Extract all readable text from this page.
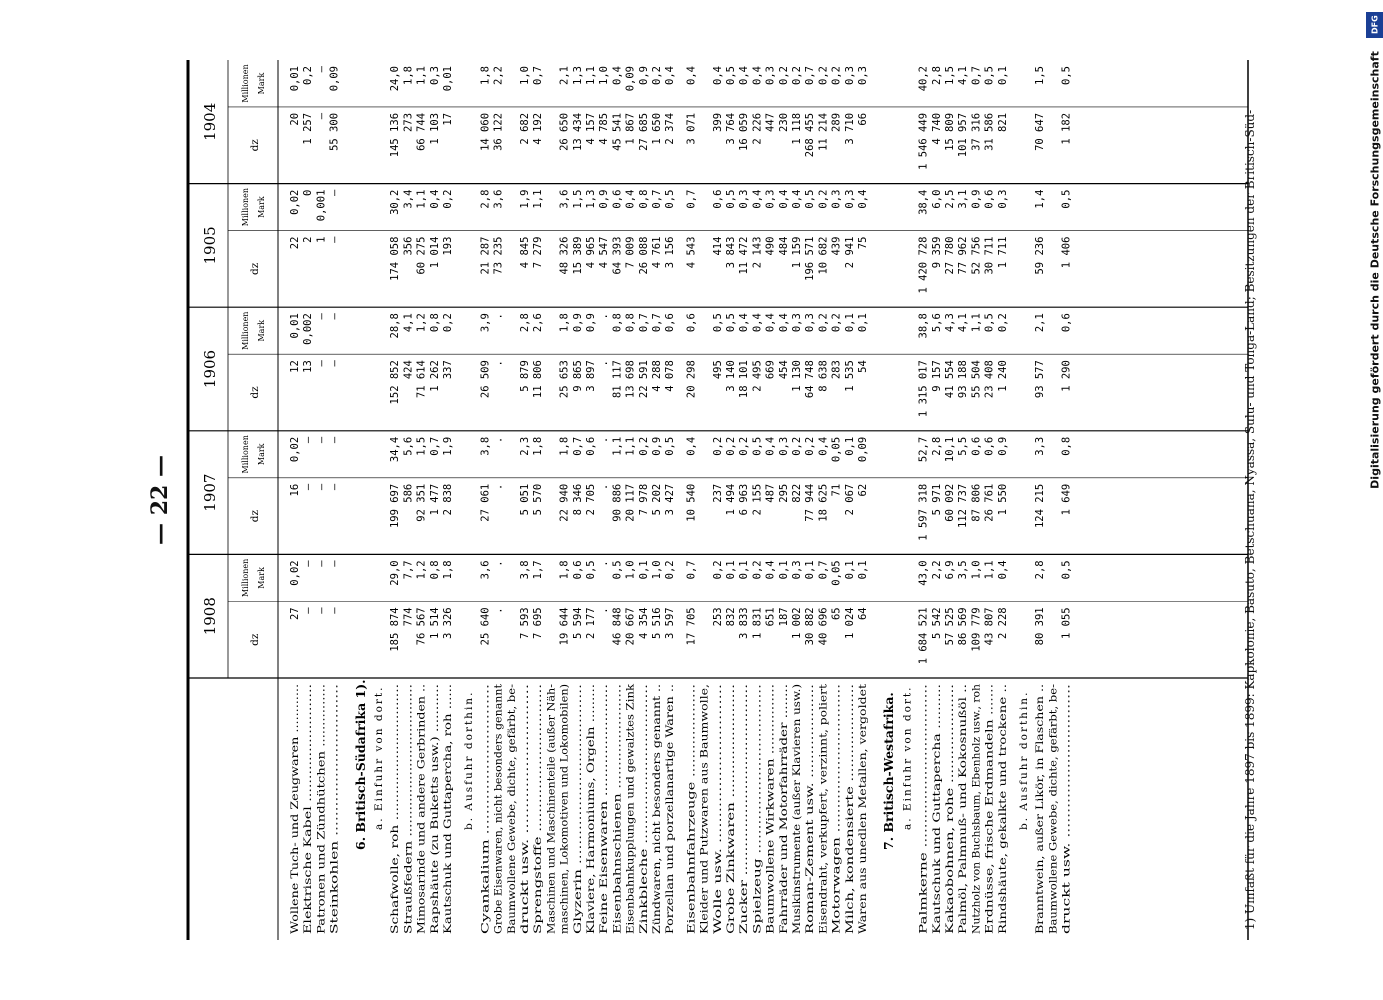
— 22 —
1908
dz
Millionen Mark
1907
dz
Millionen Mark
1906
dz
Millionen Mark
1905
dz
Millionen Mark
1904
dz
Millionen Mark
Wollene Tuch- und Zeugwaren ............
27
0,02
16
0,02
12
0,01
22
0,02
20
0,01
Elektrische Kabel ..........................
—
—
—
—
13
0,002
2
0
1 257
0,2
Patronen und Zündhütchen ...............
—
—
—
—
—
—
1
0,001
—
—
Steinkohlen ...............................
—
—
—
—
—
—
—
—
55 300
0,09
6. Britisch-Südafrika 1). a. Einfuhr von dort. Schafwolle, roh ...............................
185 874
29,0
199 697
34,4
152 852
28,8
174 058
30,2
145 136
24,0
Straußfedern ...................................
774
7,7
586
5,6
424
4,1
356
3,4
273
1,8
Mimosarinde und andere Gerbrinden ..
76 567
1,2
92 351
1,5
71 614
1,2
60 275
1,1
66 744
1,1
Rapshäute (zu Buketts usw.) ...........
1 514
0,8
1 477
0,7
1 262
0,8
1 014
0,4
1 103
0,3
Kautschuk und Guttapercha, roh ......
3 326
1,8
2 838
1,9
337
0,2
193
0,2
17
0,01
b. Ausfuhr dorthin.
Cyankalium ..............................
25 640
3,6
27 061
3,8
26 509
3,9
21 287
2,8
14 060
1,8
Grobe Eisenwaren, nicht besonders genannt
.
.
.
.
.
.
73 235
3,6
36 122
2,2
Baumwollene Gewebe, dichte, gefärbt, be- druckt usw. .............................
7 593
3,8
5 051
2,3
5 879
2,8
4 845
1,9
2 682
1,0
Sprengstoffe ...............................
7 695
1,7
5 570
1,8
11 806
2,6
7 279
1,1
4 192
0,7
Maschinen und Maschinenteile (außer Näh- maschinen, Lokomotiven und Lokomobilen)
19 644
1,8
22 940
1,8
25 653
1,8
48 326
3,6
26 650
2,1
Glyzerin .....................................
5 594
0,6
8 346
0,7
9 865
0,9
15 389
1,5
13 434
1,3
Klaviere, Harmoniums, Orgeln .........
2 177
0,5
2 705
0,6
3 897
0,9
4 965
1,3
4 157
1,1
Feine Eisenwaren ........................
.
.
.
.
.
.
4 547
0,9
4 785
1,0
Eisenbahnschienen .......................
46 848
0,5
90 886
1,1
81 117
0,8
64 393
0,6
45 541
0,4
Eisenbahnkupplungen und gewalztes Zink
20 667
1,0
20 117
1,1
13 698
0,8
7 009
0,4
1 867
0,09
Zinkbleche .................................
4 354
0,1
7 978
0,2
22 591
0,7
26 088
0,8
27 685
0,9
Zündwaren, nicht besonders genannt ..
5 516
1,0
5 202
0,9
4 288
0,7
4 761
0,7
1 650
0,2
Porzellan und porzellanartige Waren ..
3 597
0,2
3 427
0,5
4 078
0,6
3 156
0,5
2 374
0,4
Eisenbahnfahrzeuge ....................
17 705
0,7
10 540
0,4
20 298
0,6
4 543
0,7
3 071
0,4
Kleider und Putzwaren aus Baumwolle, Wolle usw. ...............................
253
0,2
237
0,2
495
0,5
414
0,6
399
0,4
Grobe Zinkwaren ........................
832
0,1
1 494
0,2
3 140
0,5
3 843
0,5
3 764
0,5
Zucker ........................................
3 833
0,1
6 963
0,2
18 101
0,4
11 472
0,3
16 059
0,4
Spielzeug ...................................
1 831
0,2
2 155
0,5
2 495
0,4
2 143
0,4
2 226
0,4
Baumwollene Wirkwaren ................
651
0,4
487
0,4
669
0,4
490
0,3
447
0,3
Fahrräder und Motorfahrräder ........
187
0,1
295
0,3
454
0,4
484
0,4
230
0,2
Musikinstrumente (außer Klavieren usw.)
1 002
0,3
822
0,2
1 130
0,3
1 159
0,4
1 118
0,2
Roman-Zement usw. ....................
30 882
0,1
77 944
0,2
64 748
0,3
196 571
0,5
268 455
0,7
Eisendraht, verkupfert, verzinnt, poliert
40 696
0,7
18 625
0,4
8 638
0,2
10 682
0,2
11 214
0,2
Motorwagen ...............................
65
0,05
71
0,05
283
0,2
439
0,3
289
0,2
Milch, kondensierte .....................
1 024
0,1
2 067
0,1
1 535
0,1
2 941
0,3
3 710
0,3
Waren aus unedlen Metallen, vergoldet
64
0,1
62
0,09
54
0,1
75
0,4
66
0,3
7. Britisch-Westafrika. a. Einfuhr von dort.
Palmkerne ..................................
1 684 521
43,0
1 597 318
52,7
1 315 017
38,8
1 420 728
38,4
1 546 449
40,2
Kautschuk und Guttapercha ..........
5 542
2,2
5 971
2,8
9 157
5,6
9 359
6,0
4 740
2,8
Kakaobohnen, rohe .....................
57 525
6,9
60 092
10,1
41 554
4,3
27 780
2,5
15 809
1,5
Palmöl, Palmnuß- und Kokosnußöl ..
86 569
3,5
112 737
5,5
93 188
4,1
77 962
3,1
101 957
4,1
Nutzholz von Buchsbaum, Ebenholz usw., roh
109 779
1,0
87 806
0,6
55 504
1,1
52 756
0,9
37 316
0,7
Erdnüsse, frische Erdmandeln .......
43 807
1,1
26 761
0,6
23 408
0,5
30 711
0,6
31 586
0,5
Rindshäute, gekalkte und trockene ..
2 228
0,4
1 550
0,9
1 240
0,2
1 711
0,3
821
0,1
b. Ausfuhr dorthin. Branntwein, außer Likör, in Flaschen ..
80 391
2,8
124 215
3,3
93 577
2,1
59 236
1,4
70 647
1,5
Baumwollene Gewebe, dichte, gefärbt, be- druckt usw. ...............................
1 055
0,5
1 649
0,8
1 290
0,6
1 406
0,5
1 182
0,5
1) Umfaßt für die Jahre 1897 bis 1899: Kapkolonie, Basuto, Betschuana, Nyassa, Sulu- und Tonga-Land; Besitzungen der Britisch-Süd-	Digitalisierung gefördert durch die Deutsche Forschungsgemeinschaft
DFG
